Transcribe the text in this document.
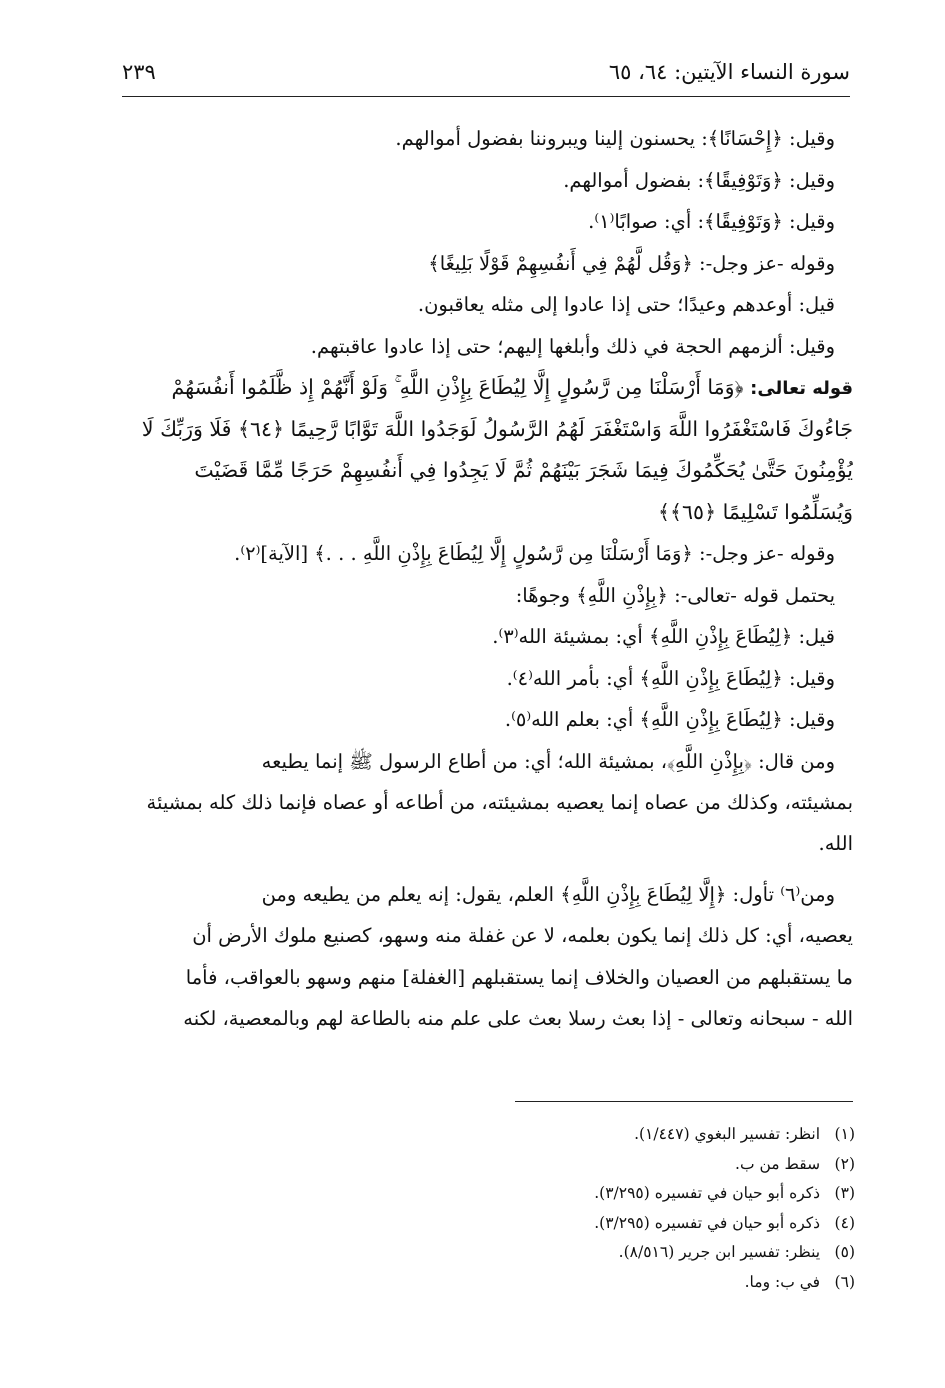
سورة النساء الآيتين: ٦٤، ٦٥
٢٣٩
وقيل: ﴿إِحْسَانًا﴾: يحسنون إلينا ويبروننا بفضول أموالهم.
وقيل: ﴿وَتَوْفِيقًا﴾: بفضول أموالهم.
وقيل: ﴿وَتَوْفِيقًا﴾: أي: صوابًا⁽١⁾.
وقوله -عز وجل-: ﴿وَقُل لَّهُمْ فِي أَنفُسِهِمْ قَوْلًا بَلِيغًا﴾
قيل: أوعدهم وعيدًا؛ حتى إذا عادوا إلى مثله يعاقبون.
وقيل: ألزمهم الحجة في ذلك وأبلغها إليهم؛ حتى إذا عادوا عاقبتهم.
قوله تعالى: ﴿وَمَا أَرْسَلْنَا مِن رَّسُولٍ إِلَّا لِيُطَاعَ بِإِذْنِ اللَّهِ ۚ وَلَوْ أَنَّهُمْ إِذ ظَّلَمُوا أَنفُسَهُمْ
جَاءُوكَ فَاسْتَغْفَرُوا اللَّهَ وَاسْتَغْفَرَ لَهُمُ الرَّسُولُ لَوَجَدُوا اللَّهَ تَوَّابًا رَّحِيمًا ﴿٦٤﴾ فَلَا وَرَبِّكَ لَا
يُؤْمِنُونَ حَتَّىٰ يُحَكِّمُوكَ فِيمَا شَجَرَ بَيْنَهُمْ ثُمَّ لَا يَجِدُوا فِي أَنفُسِهِمْ حَرَجًا مِّمَّا قَضَيْتَ
وَيُسَلِّمُوا تَسْلِيمًا ﴿٦٥﴾﴾
وقوله -عز وجل-: ﴿وَمَا أَرْسَلْنَا مِن رَّسُولٍ إِلَّا لِيُطَاعَ بِإِذْنِ اللَّهِ . . .﴾ [الآية]⁽٢⁾.
يحتمل قوله -تعالى-: ﴿بِإِذْنِ اللَّهِ﴾ وجوهًا:
قيل: ﴿لِيُطَاعَ بِإِذْنِ اللَّهِ﴾ أي: بمشيئة الله⁽٣⁾.
وقيل: ﴿لِيُطَاعَ بِإِذْنِ اللَّهِ﴾ أي: بأمر الله⁽٤⁾.
وقيل: ﴿لِيُطَاعَ بِإِذْنِ اللَّهِ﴾ أي: بعلم الله⁽٥⁾.
ومن قال: ﴿بِإِذْنِ اللَّهِ﴾، بمشيئة الله؛ أي: من أطاع الرسول ﷺ إنما يطيعه
بمشيئته، وكذلك من عصاه إنما يعصيه بمشيئته، من أطاعه أو عصاه فإنما ذلك كله بمشيئة
الله.
ومن⁽٦⁾ تأول: ﴿إِلَّا لِيُطَاعَ بِإِذْنِ اللَّهِ﴾ العلم، يقول: إنه يعلم من يطيعه ومن
يعصيه، أي: كل ذلك إنما يكون بعلمه، لا عن غفلة منه وسهو، كصنيع ملوك الأرض أن
ما يستقبلهم من العصيان والخلاف إنما يستقبلهم [الغفلة] منهم وسهو بالعواقب، فأما
الله - سبحانه وتعالى - إذا بعث رسلا بعث على علم منه بالطاعة لهم وبالمعصية، لكنه
(١) انظر: تفسير البغوي (١/٤٤٧).
(٢) سقط من ب.
(٣) ذكره أبو حيان في تفسيره (٣/٢٩٥).
(٤) ذكره أبو حيان في تفسيره (٣/٢٩٥).
(٥) ينظر: تفسير ابن جرير (٨/٥١٦).
(٦) في ب: وما.
